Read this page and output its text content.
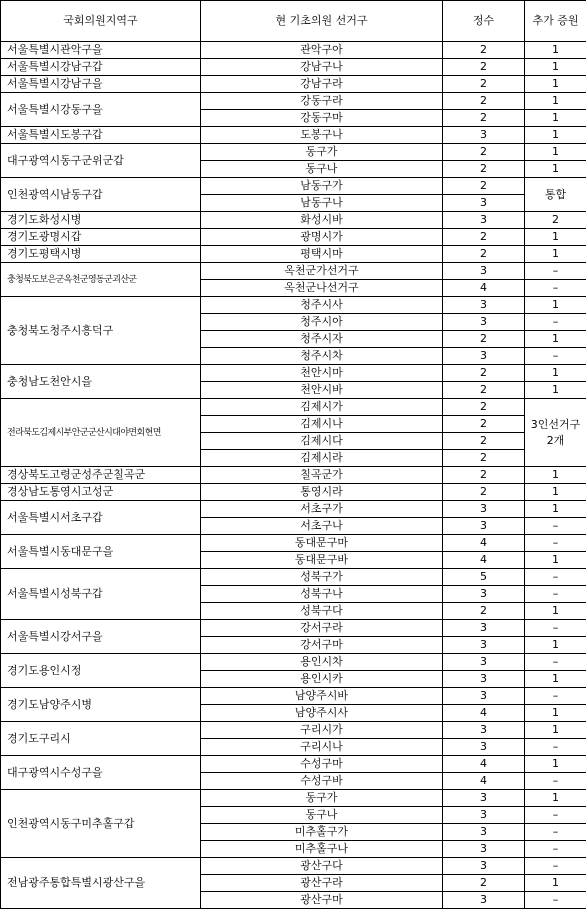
국회의원지역구	현 기초의원 선거구	정수	추가 증원
서울특별시관악구을	관악구아	2	1
서울특별시강남구갑	강남구나	2	1
서울특별시강남구을	강남구라	2	1
서울특별시강동구을	강동구라	2	1
	강동구마	2	1
서울특별시도봉구갑	도봉구나	3	1
대구광역시동구군위군갑	동구가	2	1
	동구나	2	1
인천광역시남동구갑	남동구가	2	통합
	남동구나	3	
경기도화성시병	화성시바	3	2
경기도광명시갑	광명시가	2	1
경기도평택시병	평택시마	2	1
충청북도보은군옥천군영동군괴산군	옥천군가선거구	3	–
	옥천군나선거구	4	–
충청북도청주시흥덕구	청주시사	3	1
	청주시아	3	–
	청주시자	2	1
	청주시차	3	–
충청남도천안시을	천안시마	2	1
	천안시바	2	1
전라북도김제시부안군군산시대야면회현면	김제시가	2	3인선거구 2개
	김제시나	2	
	김제시다	2	
	김제시라	2	
경상북도고령군성주군칠곡군	칠곡군가	2	1
경상남도통영시고성군	통영시라	2	1
서울특별시서초구갑	서초구가	3	1
	서초구나	3	–
서울특별시동대문구을	동대문구마	4	–
	동대문구바	4	1
서울특별시성북구갑	성북구가	5	–
	성북구나	3	–
	성북구다	2	1
서울특별시강서구을	강서구라	3	–
	강서구마	3	1
경기도용인시정	용인시차	3	–
	용인시카	3	1
경기도남양주시병	남양주시바	3	–
	남양주시사	4	1
경기도구리시	구리시가	3	1
	구리시나	3	–
대구광역시수성구을	수성구마	4	1
	수성구바	4	–
인천광역시동구미추홀구갑	동구가	3	1
	동구나	3	–
	미추홀구가	3	–
	미추홀구나	3	–
전남광주통합특별시광산구을	광산구다	3	–
	광산구라	2	1
	광산구마	3	–
